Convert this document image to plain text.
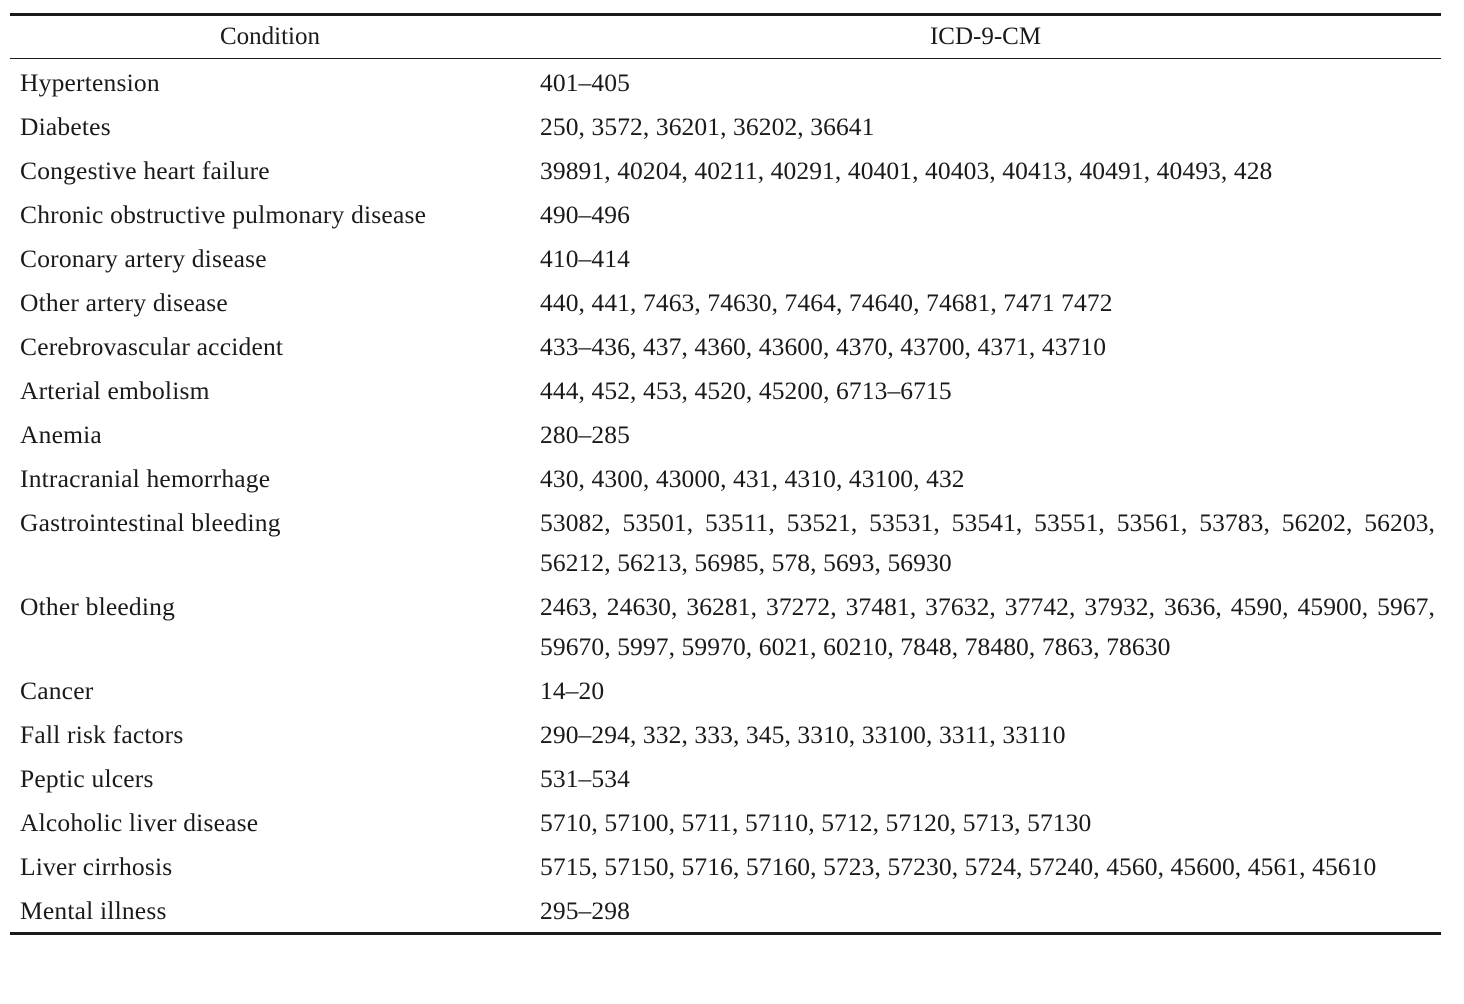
Condition	ICD-9-CM

Hypertension	401–405
Diabetes	250, 3572, 36201, 36202, 36641
Congestive heart failure	39891, 40204, 40211, 40291, 40401, 40403, 40413, 40491, 40493, 428
Chronic obstructive pulmonary disease	490–496
Coronary artery disease	410–414
Other artery disease	440, 441, 7463, 74630, 7464, 74640, 74681, 7471 7472
Cerebrovascular accident	433–436, 437, 4360, 43600, 4370, 43700, 4371, 43710
Arterial embolism	444, 452, 453, 4520, 45200, 6713–6715
Anemia	280–285
Intracranial hemorrhage	430, 4300, 43000, 431, 4310, 43100, 432
Gastrointestinal bleeding	53082, 53501, 53511, 53521, 53531, 53541, 53551, 53561, 53783, 56202, 56203, 56212, 56213, 56985, 578, 5693, 56930
Other bleeding	2463, 24630, 36281, 37272, 37481, 37632, 37742, 37932, 3636, 4590, 45900, 5967, 59670, 5997, 59970, 6021, 60210, 7848, 78480, 7863, 78630
Cancer	14–20
Fall risk factors	290–294, 332, 333, 345, 3310, 33100, 3311, 33110
Peptic ulcers	531–534
Alcoholic liver disease	5710, 57100, 5711, 57110, 5712, 57120, 5713, 57130
Liver cirrhosis	5715, 57150, 5716, 57160, 5723, 57230, 5724, 57240, 4560, 45600, 4561, 45610
Mental illness	295–298
